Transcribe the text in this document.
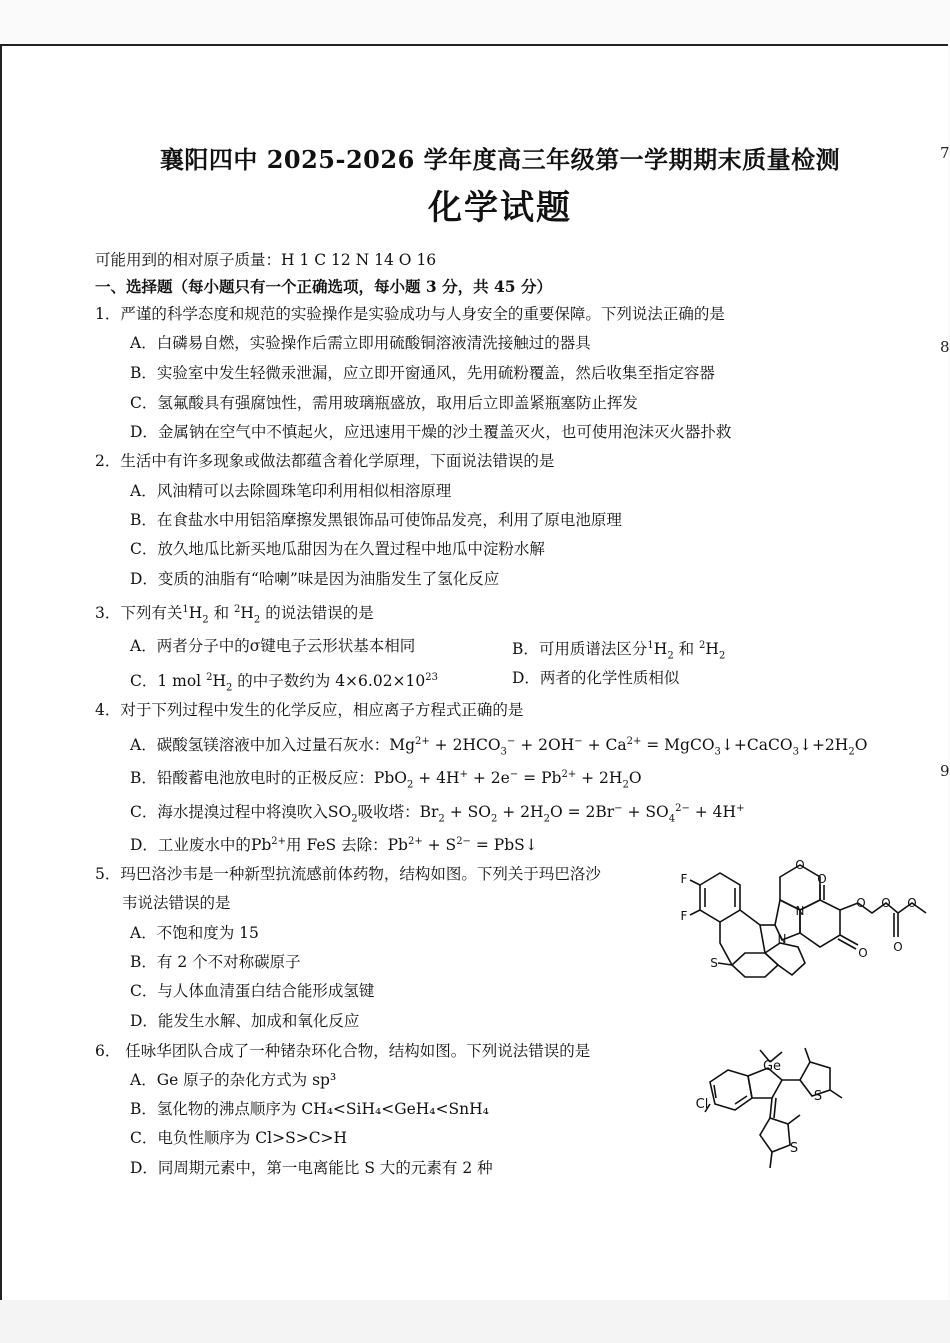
7
8
9
襄阳四中 2025-2026 学年度高三年级第一学期期末质量检测
化学试题
可能用到的相对原子质量：H 1 C 12 N 14 O 16
一、选择题（每小题只有一个正确选项，每小题 3 分，共 45 分）
1．严谨的科学态度和规范的实验操作是实验成功与人身安全的重要保障。下列说法正确的是
A．白磷易自燃，实验操作后需立即用硫酸铜溶液清洗接触过的器具
B．实验室中发生轻微汞泄漏，应立即开窗通风，先用硫粉覆盖，然后收集至指定容器
C．氢氟酸具有强腐蚀性，需用玻璃瓶盛放，取用后立即盖紧瓶塞防止挥发
D．金属钠在空气中不慎起火，应迅速用干燥的沙土覆盖灭火，也可使用泡沫灭火器扑救
2．生活中有许多现象或做法都蕴含着化学原理，下面说法错误的是
A．风油精可以去除圆珠笔印利用相似相溶原理
B．在食盐水中用铝箔摩擦发黑银饰品可使饰品发亮，利用了原电池原理
C．放久地瓜比新买地瓜甜因为在久置过程中地瓜中淀粉水解
D．变质的油脂有“哈喇”味是因为油脂发生了氢化反应
3．下列有关$^1H_2$ 和 $^2H_2$ 的说法错误的是
A．两者分子中的σ键电子云形状基本相同	B．可用质谱法区分$^1H_2$ 和 $^2H_2$
C．1 mol $^2H_2$ 的中子数约为 $4\times 6.02\times 10^{23}$	D．两者的化学性质相似
4．对于下列过程中发生的化学反应，相应离子方程式正确的是
A．碳酸氢镁溶液中加入过量石灰水：$Mg^{2+} + 2HCO_3^- + 2OH^- + Ca^{2+}$ = $MgCO_3↓+CaCO_3↓+2H_2O$
B．铅酸蓄电池放电时的正极反应：$PbO_2 + 4H^+ + 2e^- = Pb^{2+} + 2H_2O$
C．海水提溴过程中将溴吹入$SO_2$吸收塔：$Br_2 + SO_2 + 2H_2O = 2Br^- + SO_4^{2-} + 4H^+$
D．工业废水中的$Pb^{2+}$用 FeS 去除：$Pb^{2+} + S^{2-}$ = PbS↓
5．玛巴洛沙韦是一种新型抗流感前体药物，结构如图。下列关于玛巴洛沙
韦说法错误的是
A．不饱和度为 15
B．有 2 个不对称碳原子
C．与人体血清蛋白结合能形成氢键
D．能发生水解、加成和氧化反应
F
F
S
O
N
N
O
O
O
O
O
O
6． 任咏华团队合成了一种锗杂环化合物，结构如图。下列说法错误的是
A．Ge 原子的杂化方式为 sp³
B．氢化物的沸点顺序为 CH₄<SiH₄<GeH₄<SnH₄
C．电负性顺序为 Cl>S>C>H
D．同周期元素中，第一电离能比 S 大的元素有 2 种
Ge
Cl
S
S
